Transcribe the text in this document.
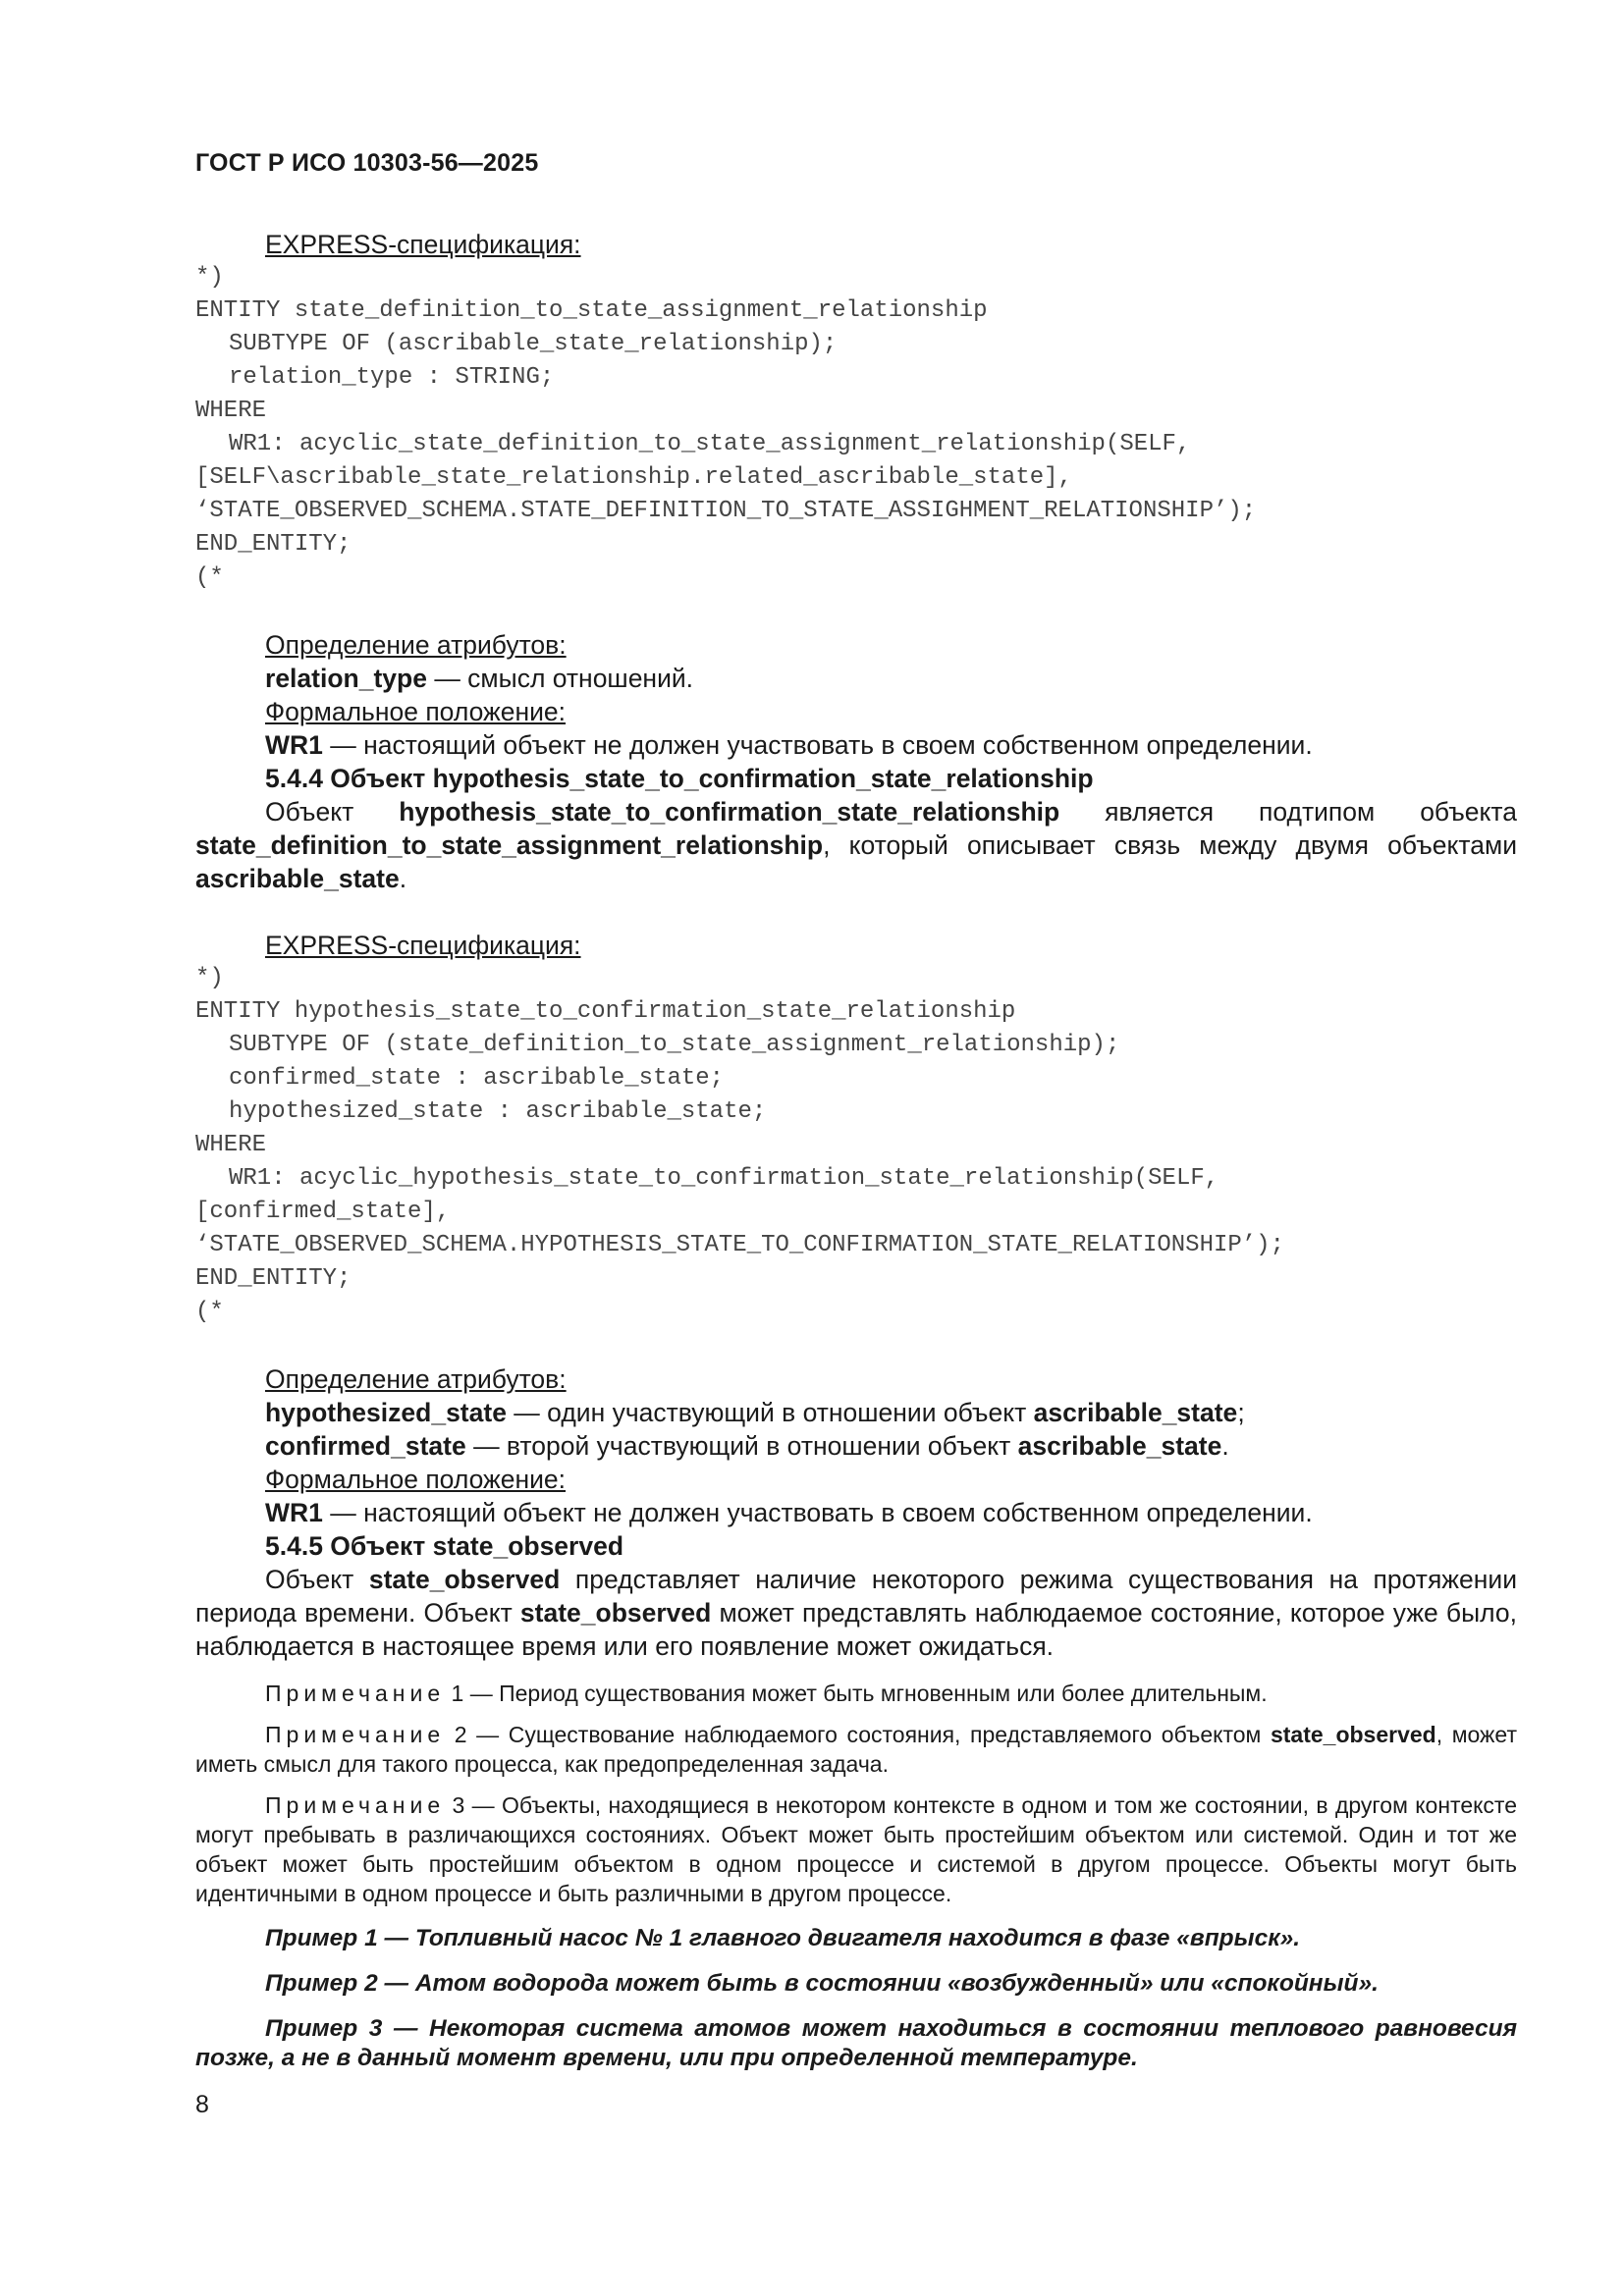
ГОСТ Р ИСО 10303-56—2025

EXPRESS-спецификация:

*)

ENTITY state_definition_to_state_assignment_relationship

SUBTYPE OF (ascribable_state_relationship);

relation_type : STRING;

WHERE

WR1: acyclic_state_definition_to_state_assignment_relationship(SELF,

[SELF\ascribable_state_relationship.related_ascribable_state],

‘STATE_OBSERVED_SCHEMA.STATE_DEFINITION_TO_STATE_ASSIGHMENT_RELATIONSHIP’);

END_ENTITY;

(*

Определение атрибутов:

relation_type — смысл отношений.

Формальное положение:

WR1 — настоящий объект не должен участвовать в своем собственном определении.

5.4.4 Объект hypothesis_state_to_confirmation_state_relationship

Объект hypothesis_state_to_confirmation_state_relationship является подтипом объекта state_definition_to_state_assignment_relationship, который описывает связь между двумя объектами ascribable_state.

EXPRESS-спецификация:

*)

ENTITY hypothesis_state_to_confirmation_state_relationship

SUBTYPE OF (state_definition_to_state_assignment_relationship);

confirmed_state : ascribable_state;

hypothesized_state : ascribable_state;

WHERE

WR1: acyclic_hypothesis_state_to_confirmation_state_relationship(SELF,

[confirmed_state],

‘STATE_OBSERVED_SCHEMA.HYPOTHESIS_STATE_TO_CONFIRMATION_STATE_RELATIONSHIP’);

END_ENTITY;

(*

Определение атрибутов:

hypothesized_state — один участвующий в отношении объект ascribable_state;

confirmed_state — второй участвующий в отношении объект ascribable_state.

Формальное положение:

WR1 — настоящий объект не должен участвовать в своем собственном определении.

5.4.5 Объект state_observed

Объект state_observed представляет наличие некоторого режима существования на протяжении периода времени. Объект state_observed может представлять наблюдаемое состояние, которое уже было, наблюдается в настоящее время или его появление может ожидаться.

Примечание 1 — Период существования может быть мгновенным или более длительным.

Примечание 2 — Существование наблюдаемого состояния, представляемого объектом state_observed, может иметь смысл для такого процесса, как предопределенная задача.

Примечание 3 — Объекты, находящиеся в некотором контексте в одном и том же состоянии, в другом контексте могут пребывать в различающихся состояниях. Объект может быть простейшим объектом или системой. Один и тот же объект может быть простейшим объектом в одном процессе и системой в другом процессе. Объекты могут быть идентичными в одном процессе и быть различными в другом процессе.

Пример 1 — Топливный насос № 1 главного двигателя находится в фазе «впрыск».

Пример 2 — Атом водорода может быть в состоянии «возбужденный» или «спокойный».

Пример 3 — Некоторая система атомов может находиться в состоянии теплового равновесия позже, а не в данный момент времени, или при определенной температуре.

8
